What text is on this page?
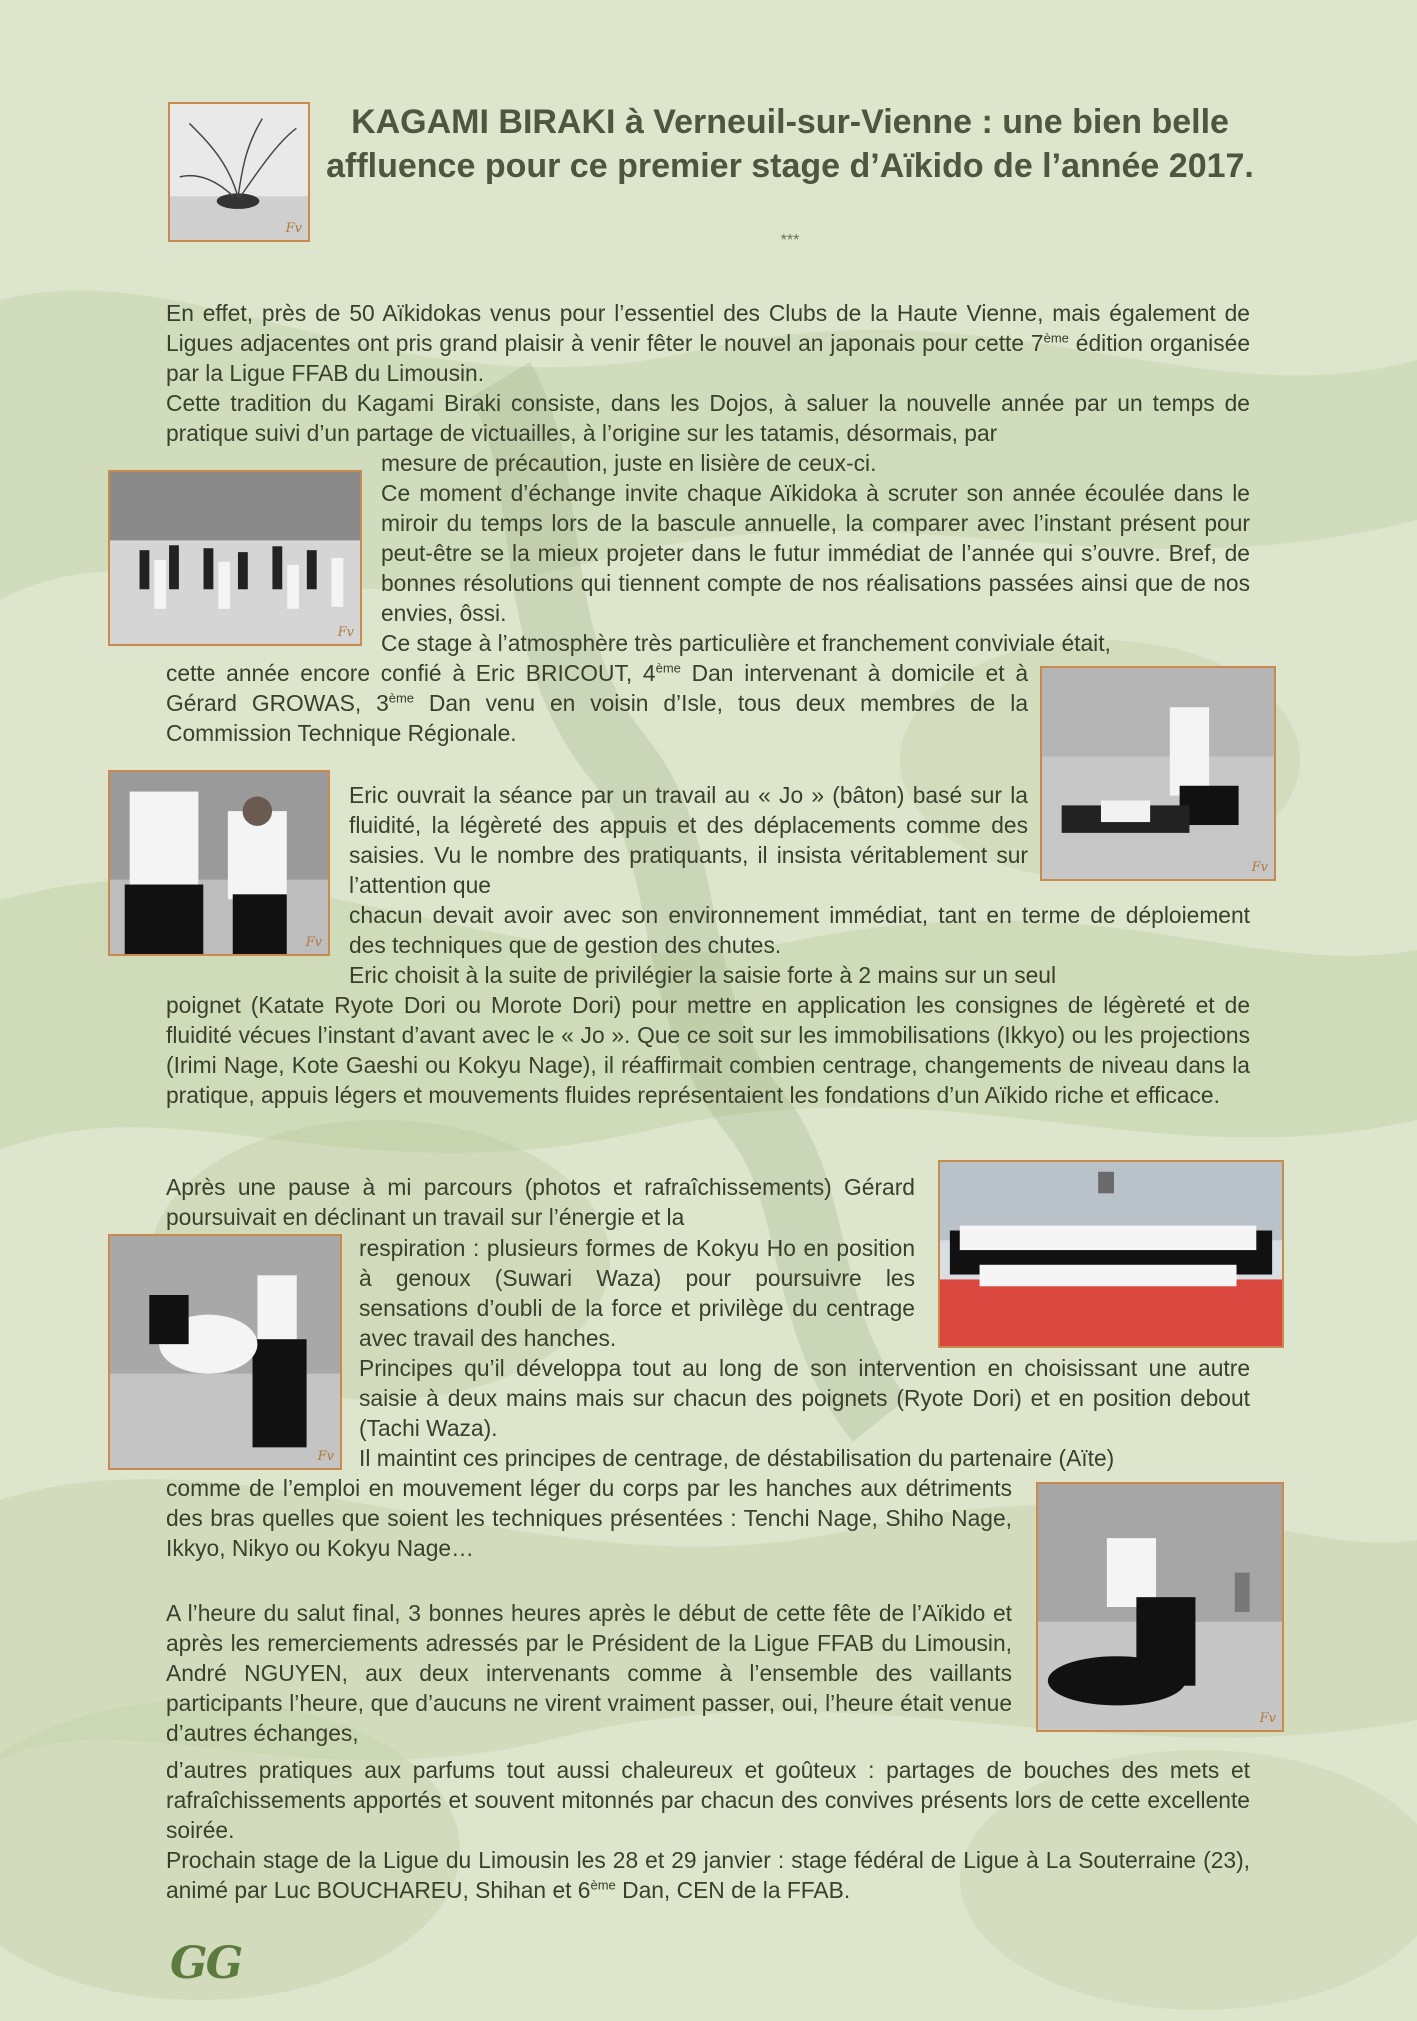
Fv
KAGAMI BIRAKI à Verneuil-sur-Vienne : une bien belle affluence pour ce premier stage d’Aïkido de l’année 2017.
***

En effet, près de 50 Aïkidokas venus pour l’essentiel des Clubs de la Haute Vienne, mais également de Ligues adjacentes ont pris grand plaisir à venir fêter le nouvel an japonais pour cette 7ème édition organisée par la Ligue FFAB du Limousin.

Cette tradition du Kagami Biraki consiste, dans les Dojos, à saluer la nouvelle année par un temps de pratique suivi d’un partage de victuailles, à l’origine sur les tatamis, désormais, par

mesure de précaution, juste en lisière de ceux-ci.

Fv

Ce moment d’échange invite chaque Aïkidoka à scruter son année écoulée dans le miroir du temps lors de la bascule annuelle, la comparer avec l’instant présent pour peut-être se la mieux projeter dans le futur immédiat de l’année qui s’ouvre. Bref, de bonnes résolutions qui tiennent compte de nos réalisations passées ainsi que de nos envies, ôssi.

Ce stage à l’atmosphère très particulière et franchement conviviale était,

cette année encore confié à Eric BRICOUT, 4ème Dan intervenant à domicile et à Gérard GROWAS, 3ème Dan venu en voisin d’Isle, tous deux membres de la Commission Technique Régionale.

Fv
Fv

Eric ouvrait la séance par un travail au « Jo » (bâton) basé sur la fluidité, la légèreté des appuis et des déplacements comme des saisies. Vu le nombre des pratiquants, il insista véritablement sur l’attention que

chacun devait avoir avec son environnement immédiat, tant en terme de déploiement des techniques que de gestion des chutes.

Eric choisit à la suite de privilégier la saisie forte à 2 mains sur un seul

poignet (Katate Ryote Dori ou Morote Dori) pour mettre en application les consignes de légèreté et de fluidité vécues l’instant d’avant avec le « Jo ». Que ce soit sur les immobilisations (Ikkyo) ou les projections (Irimi Nage, Kote Gaeshi ou Kokyu Nage), il réaffirmait combien centrage, changements de niveau dans la pratique, appuis légers et mouvements fluides représentaient les fondations d’un Aïkido riche et efficace.

Après une pause à mi parcours (photos et rafraîchissements) Gérard poursuivait en déclinant un travail sur l’énergie et la

Fv

respiration : plusieurs formes de Kokyu Ho en position à genoux (Suwari Waza) pour poursuivre les sensations d’oubli de la force et privilège du centrage avec travail des hanches.

Principes qu’il développa tout au long de son intervention en choisissant une autre saisie à deux mains mais sur chacun des poignets (Ryote Dori) et en position debout (Tachi Waza).

Il maintint ces principes de centrage, de déstabilisation du partenaire (Aïte)

comme de l’emploi en mouvement léger du corps par les hanches aux détriments des bras quelles que soient les techniques présentées : Tenchi Nage, Shiho Nage, Ikkyo, Nikyo ou Kokyu Nage…

Fv

A l’heure du salut final, 3 bonnes heures après le début de cette fête de l’Aïkido et après les remerciements adressés par le Président de la Ligue FFAB du Limousin, André NGUYEN, aux deux intervenants comme à l’ensemble des vaillants participants l’heure, que d’aucuns ne virent vraiment passer, oui, l’heure était venue d’autres échanges,

d’autres pratiques aux parfums tout aussi chaleureux et goûteux : partages de bouches des mets et rafraîchissements apportés et souvent mitonnés par chacun des convives présents lors de cette excellente soirée.

Prochain stage de la Ligue du Limousin les 28 et 29 janvier : stage fédéral de Ligue à La Souterraine (23), animé par Luc BOUCHAREU, Shihan et 6ème Dan, CEN de la FFAB.

GG
